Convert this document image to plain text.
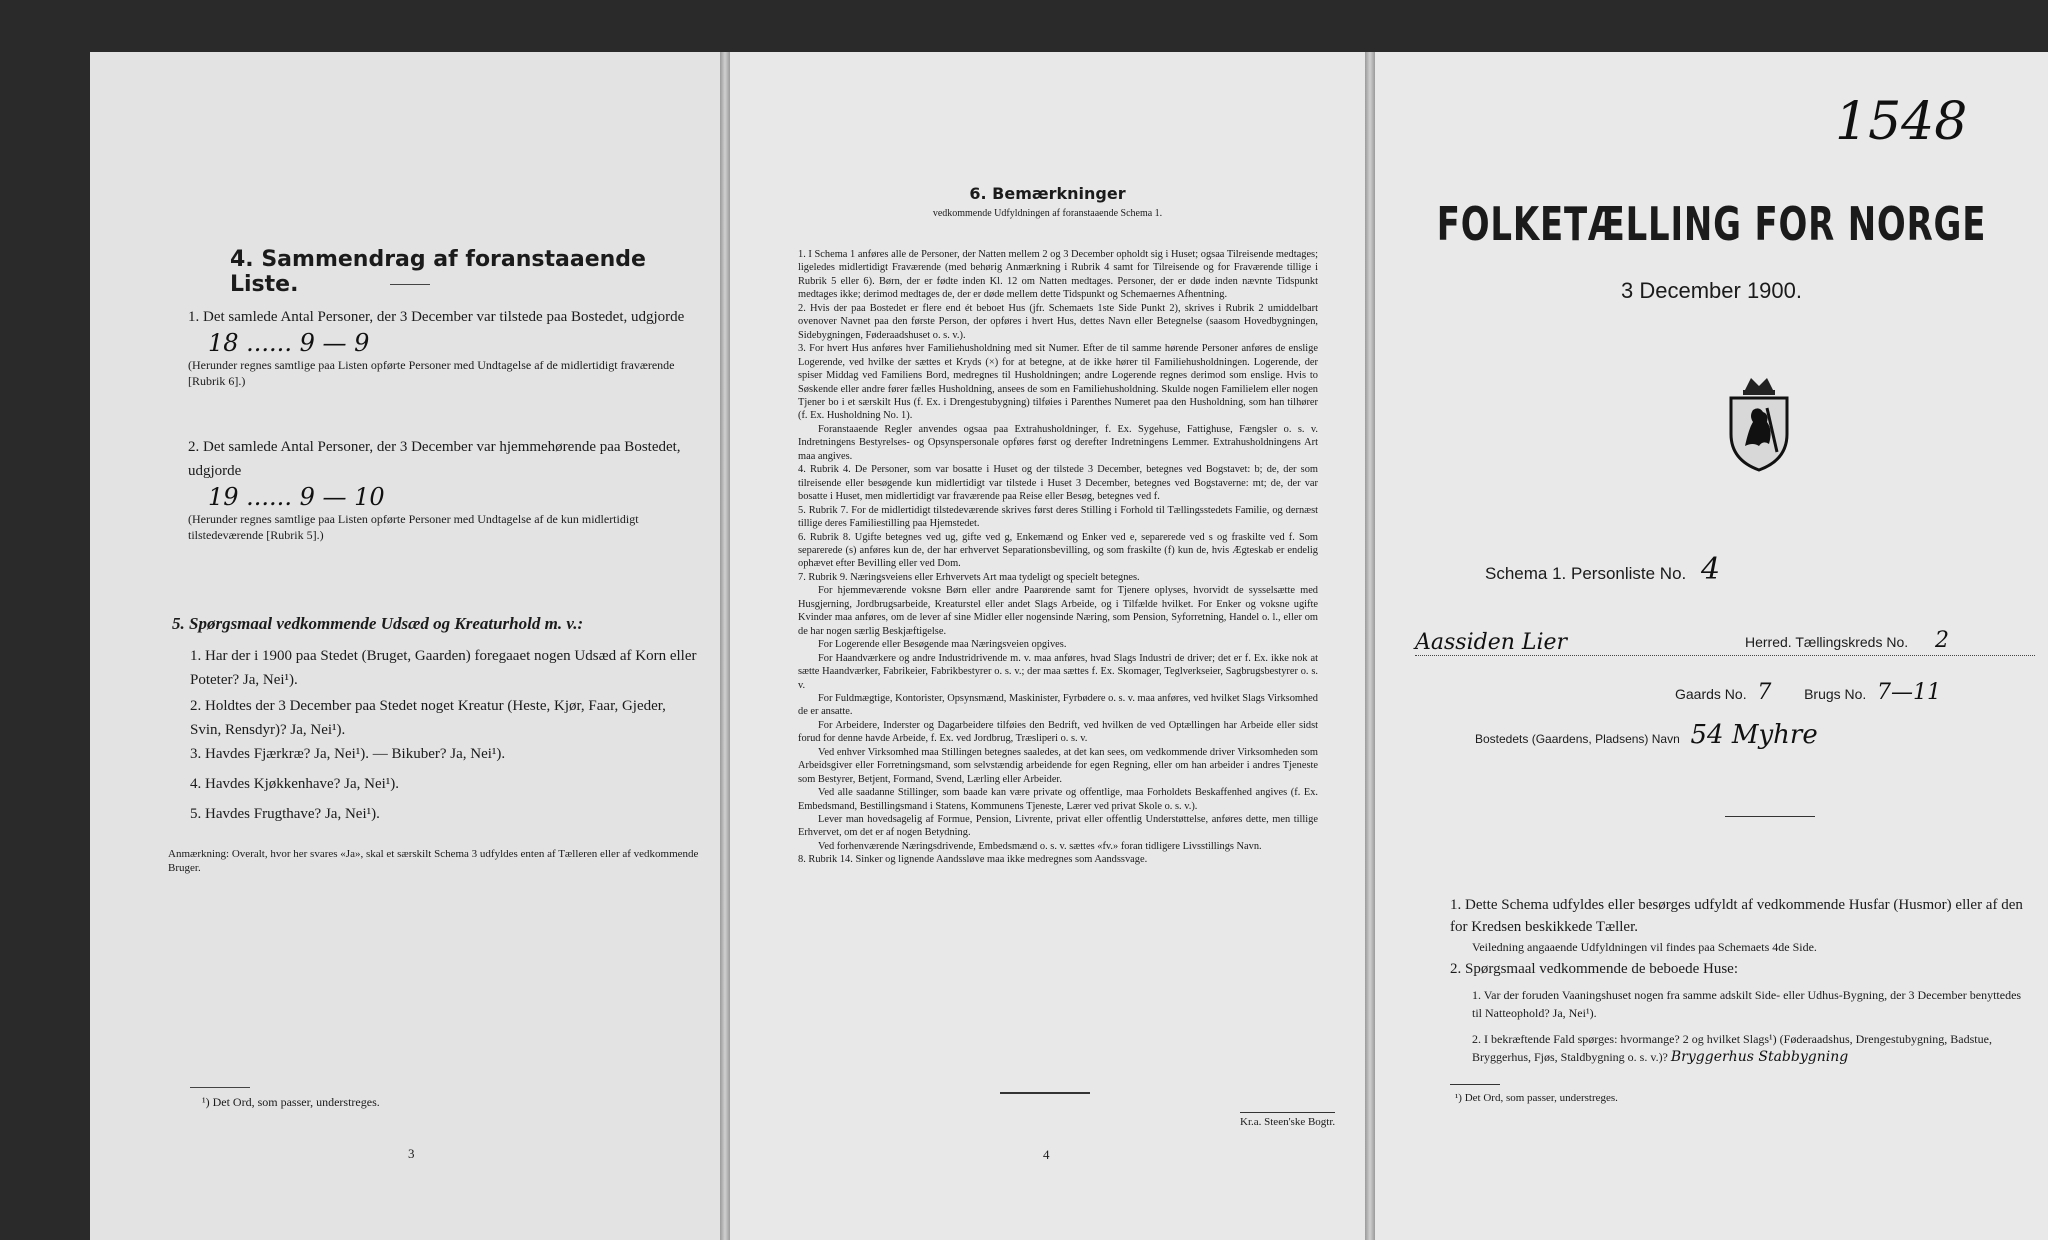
4. Sammendrag af foranstaaende Liste.
1. Det samlede Antal Personer, der 3 December var tilstede paa Bostedet, udgjorde
18 ...... 9 — 9
(Herunder regnes samtlige paa Listen opførte Personer med Undtagelse af de midlertidigt fraværende [Rubrik 6].)
2. Det samlede Antal Personer, der 3 December var hjemmehørende paa Bostedet, udgjorde
19 ...... 9 — 10
(Herunder regnes samtlige paa Listen opførte Personer med Undtagelse af de kun midlertidigt tilstedeværende [Rubrik 5].)
5. Spørgsmaal vedkommende Udsæd og Kreaturhold m. v.:
1. Har der i 1900 paa Stedet (Bruget, Gaarden) foregaaet nogen Udsæd af Korn eller Poteter? Ja, Nei¹).
2. Holdtes der 3 December paa Stedet noget Kreatur (Heste, Kjør, Faar, Gjeder, Svin, Rensdyr)? Ja, Nei¹).
3. Havdes Fjærkræ? Ja, Nei¹). — Bikuber? Ja, Nei¹).
4. Havdes Kjøkkenhave? Ja, Nei¹).
5. Havdes Frugthave? Ja, Nei¹).
Anmærkning: Overalt, hvor her svares «Ja», skal et særskilt Schema 3 udfyldes enten af Tælleren eller af vedkommende Bruger.
¹) Det Ord, som passer, understreges.
3
6. Bemærkninger
vedkommende Udfyldningen af foranstaaende Schema 1.

1. I Schema 1 anføres alle de Personer, der Natten mellem 2 og 3 December opholdt sig i Huset; ogsaa Tilreisende medtages; ligeledes midlertidigt Fraværende (med behørig Anmærkning i Rubrik 4 samt for Tilreisende og for Fraværende tillige i Rubrik 5 eller 6). Børn, der er fødte inden Kl. 12 om Natten medtages. Personer, der er døde inden nævnte Tidspunkt medtages ikke; derimod medtages de, der er døde mellem dette Tidspunkt og Schemaernes Afhentning.

2. Hvis der paa Bostedet er flere end ét beboet Hus (jfr. Schemaets 1ste Side Punkt 2), skrives i Rubrik 2 umiddelbart ovenover Navnet paa den første Person, der opføres i hvert Hus, dettes Navn eller Betegnelse (saasom Hovedbygningen, Sidebygningen, Føderaadshuset o. s. v.).

3. For hvert Hus anføres hver Familiehusholdning med sit Numer. Efter de til samme hørende Personer anføres de enslige Logerende, ved hvilke der sættes et Kryds (×) for at betegne, at de ikke hører til Familiehusholdningen. Logerende, der spiser Middag ved Familiens Bord, medregnes til Husholdningen; andre Logerende regnes derimod som enslige. Hvis to Søskende eller andre fører fælles Husholdning, ansees de som en Familiehusholdning. Skulde nogen Familielem eller nogen Tjener bo i et særskilt Hus (f. Ex. i Drengestubygning) tilføies i Parenthes Numeret paa den Husholdning, som han tilhører (f. Ex. Husholdning No. 1).

Foranstaaende Regler anvendes ogsaa paa Extrahusholdninger, f. Ex. Sygehuse, Fattighuse, Fængsler o. s. v. Indretningens Bestyrelses- og Opsynspersonale opføres først og derefter Indretningens Lemmer. Extrahusholdningens Art maa angives.

4. Rubrik 4. De Personer, som var bosatte i Huset og der tilstede 3 December, betegnes ved Bogstavet: b; de, der som tilreisende eller besøgende kun midlertidigt var tilstede i Huset 3 December, betegnes ved Bogstaverne: mt; de, der var bosatte i Huset, men midlertidigt var fraværende paa Reise eller Besøg, betegnes ved f.

5. Rubrik 7. For de midlertidigt tilstedeværende skrives først deres Stilling i Forhold til Tællingsstedets Familie, og dernæst tillige deres Familiestilling paa Hjemstedet.

6. Rubrik 8. Ugifte betegnes ved ug, gifte ved g, Enkemænd og Enker ved e, separerede ved s og fraskilte ved f. Som separerede (s) anføres kun de, der har erhvervet Separationsbevilling, og som fraskilte (f) kun de, hvis Ægteskab er endelig ophævet efter Bevilling eller ved Dom.

7. Rubrik 9. Næringsveiens eller Erhvervets Art maa tydeligt og specielt betegnes.

For hjemmeværende voksne Børn eller andre Paarørende samt for Tjenere oplyses, hvorvidt de sysselsætte med Husgjerning, Jordbrugsarbeide, Kreaturstel eller andet Slags Arbeide, og i Tilfælde hvilket. For Enker og voksne ugifte Kvinder maa anføres, om de lever af sine Midler eller nogensinde Næring, som Pension, Syforretning, Handel o. l., eller om de har nogen særlig Beskjæftigelse.

For Logerende eller Besøgende maa Næringsveien opgives.

For Haandværkere og andre Industridrivende m. v. maa anføres, hvad Slags Industri de driver; det er f. Ex. ikke nok at sætte Haandværker, Fabrikeier, Fabrikbestyrer o. s. v.; der maa sættes f. Ex. Skomager, Teglverkseier, Sagbrugsbestyrer o. s. v.

For Fuldmægtige, Kontorister, Opsynsmænd, Maskinister, Fyrbødere o. s. v. maa anføres, ved hvilket Slags Virksomhed de er ansatte.

For Arbeidere, Inderster og Dagarbeidere tilføies den Bedrift, ved hvilken de ved Optællingen har Arbeide eller sidst forud for denne havde Arbeide, f. Ex. ved Jordbrug, Træsliperi o. s. v.

Ved enhver Virksomhed maa Stillingen betegnes saaledes, at det kan sees, om vedkommende driver Virksomheden som Arbeidsgiver eller Forretningsmand, som selvstændig arbeidende for egen Regning, eller om han arbeider i andres Tjeneste som Bestyrer, Betjent, Formand, Svend, Lærling eller Arbeider.

Ved alle saadanne Stillinger, som baade kan være private og offentlige, maa Forholdets Beskaffenhed angives (f. Ex. Embedsmand, Bestillingsmand i Statens, Kommunens Tjeneste, Lærer ved privat Skole o. s. v.).

Lever man hovedsagelig af Formue, Pension, Livrente, privat eller offentlig Understøttelse, anføres dette, men tillige Erhvervet, om det er af nogen Betydning.

Ved forhenværende Næringsdrivende, Embedsmænd o. s. v. sættes «fv.» foran tidligere Livsstillings Navn.

8. Rubrik 14. Sinker og lignende Aandssløve maa ikke medregnes som Aandssvage.

4
Kr.a. Steen'ske Bogtr.
1548
FOLKETÆLLING FOR NORGE
3 December 1900.
Schema 1. Personliste No. 4
Aassiden Lier	Herred. Tællingskreds No. 2
Gaards No. 7 Brugs No. 7—11
Bostedets (Gaardens, Pladsens) Navn 54 Myhre
1. Dette Schema udfyldes eller besørges udfyldt af vedkommende Husfar (Husmor) eller af den for Kredsen beskikkede Tæller.
Veiledning angaaende Udfyldningen vil findes paa Schemaets 4de Side.
2. Spørgsmaal vedkommende de beboede Huse:
1. Var der foruden Vaaningshuset nogen fra samme adskilt Side- eller Udhus-Bygning, der 3 December benyttedes til Natteophold? Ja, Nei¹).
2. I bekræftende Fald spørges: hvormange? 2 og hvilket Slags¹) (Føderaadshus, Drengestubygning, Badstue, Bryggerhus, Fjøs, Staldbygning o. s. v.)? Bryggerhus Stabbygning
¹) Det Ord, som passer, understreges.
